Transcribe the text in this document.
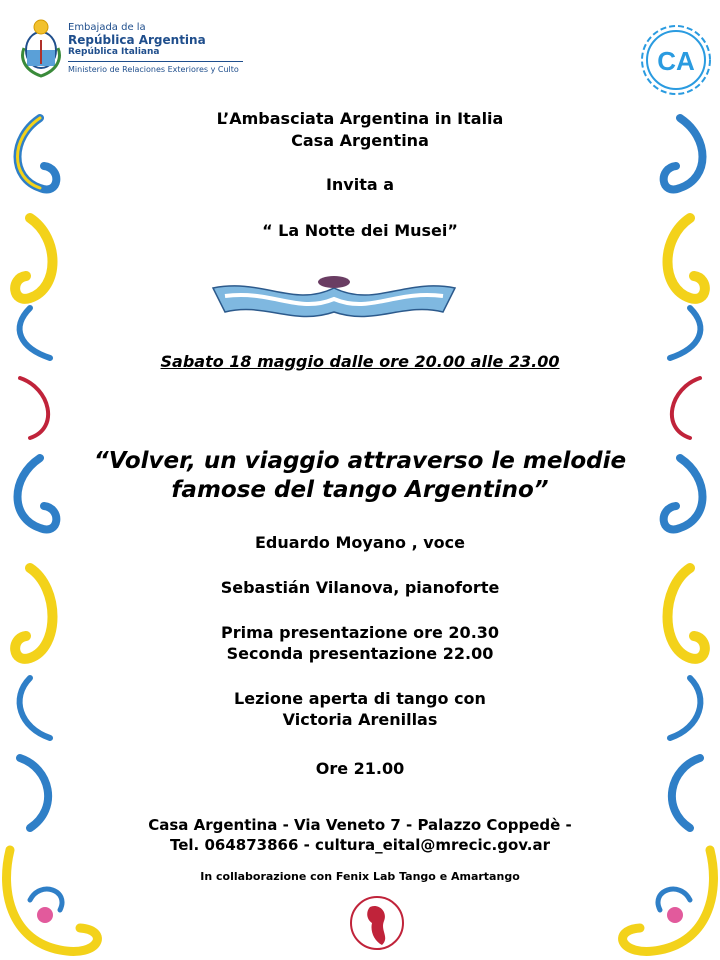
Embajada de la
República Argentina
República Italiana
Ministerio de Relaciones Exteriores y Culto	CA
L’Ambasciata Argentina in Italia
Casa Argentina
Invita a
“ La Notte dei Musei”
Sabato 18 maggio dalle ore 20.00 alle 23.00
“Volver, un viaggio attraverso le melodie
famose del tango Argentino”
Eduardo Moyano , voce
Sebastián Vilanova, pianoforte
Prima presentazione ore 20.30
Seconda presentazione 22.00
Lezione aperta di tango con
Victoria Arenillas
Ore 21.00
Casa Argentina - Via Veneto 7 - Palazzo Coppedè -
Tel. 064873866 - cultura_eital@mrecic.gov.ar
In collaborazione con Fenix Lab Tango e Amartango
